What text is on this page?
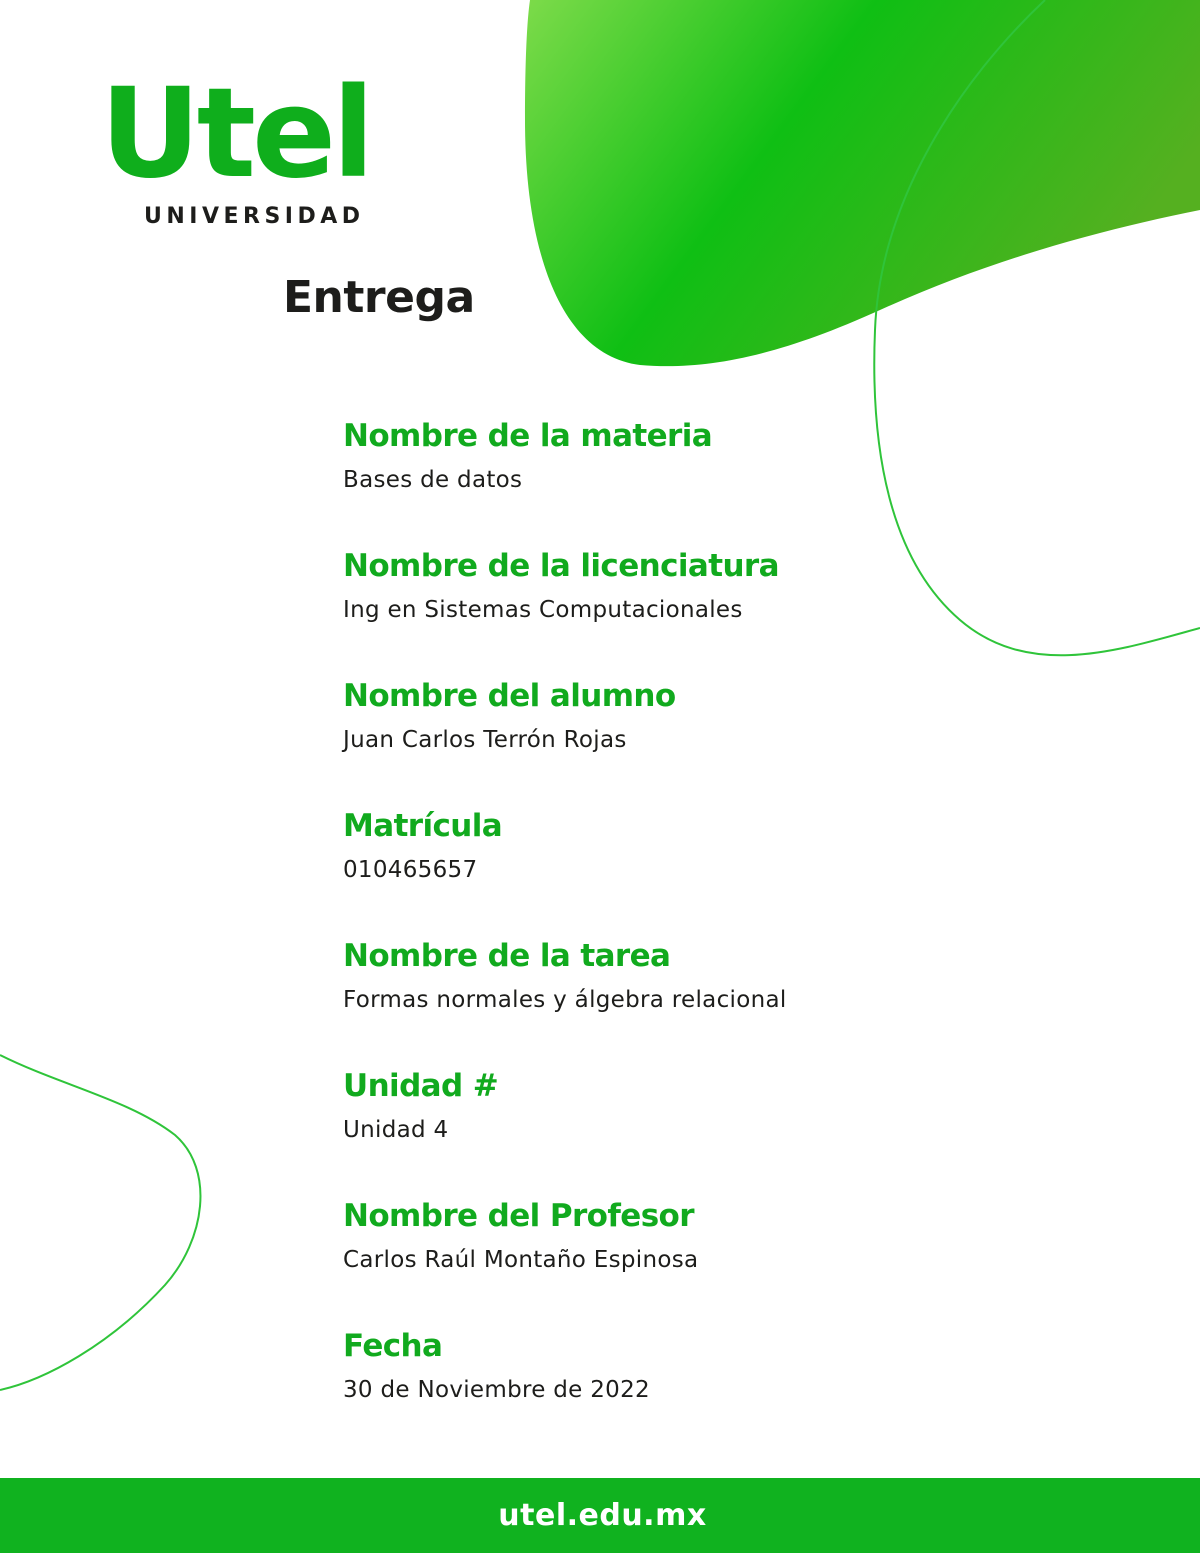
Utel
UNIVERSIDAD
Entrega
Nombre de la materia
Bases de datos
Nombre de la licenciatura
Ing en Sistemas Computacionales
Nombre del alumno
Juan Carlos Terrón Rojas
Matrícula
010465657
Nombre de la tarea
Formas normales y álgebra relacional
Unidad #
Unidad 4
Nombre del Profesor
Carlos Raúl Montaño Espinosa
Fecha
30 de Noviembre de 2022
utel.edu.mx
